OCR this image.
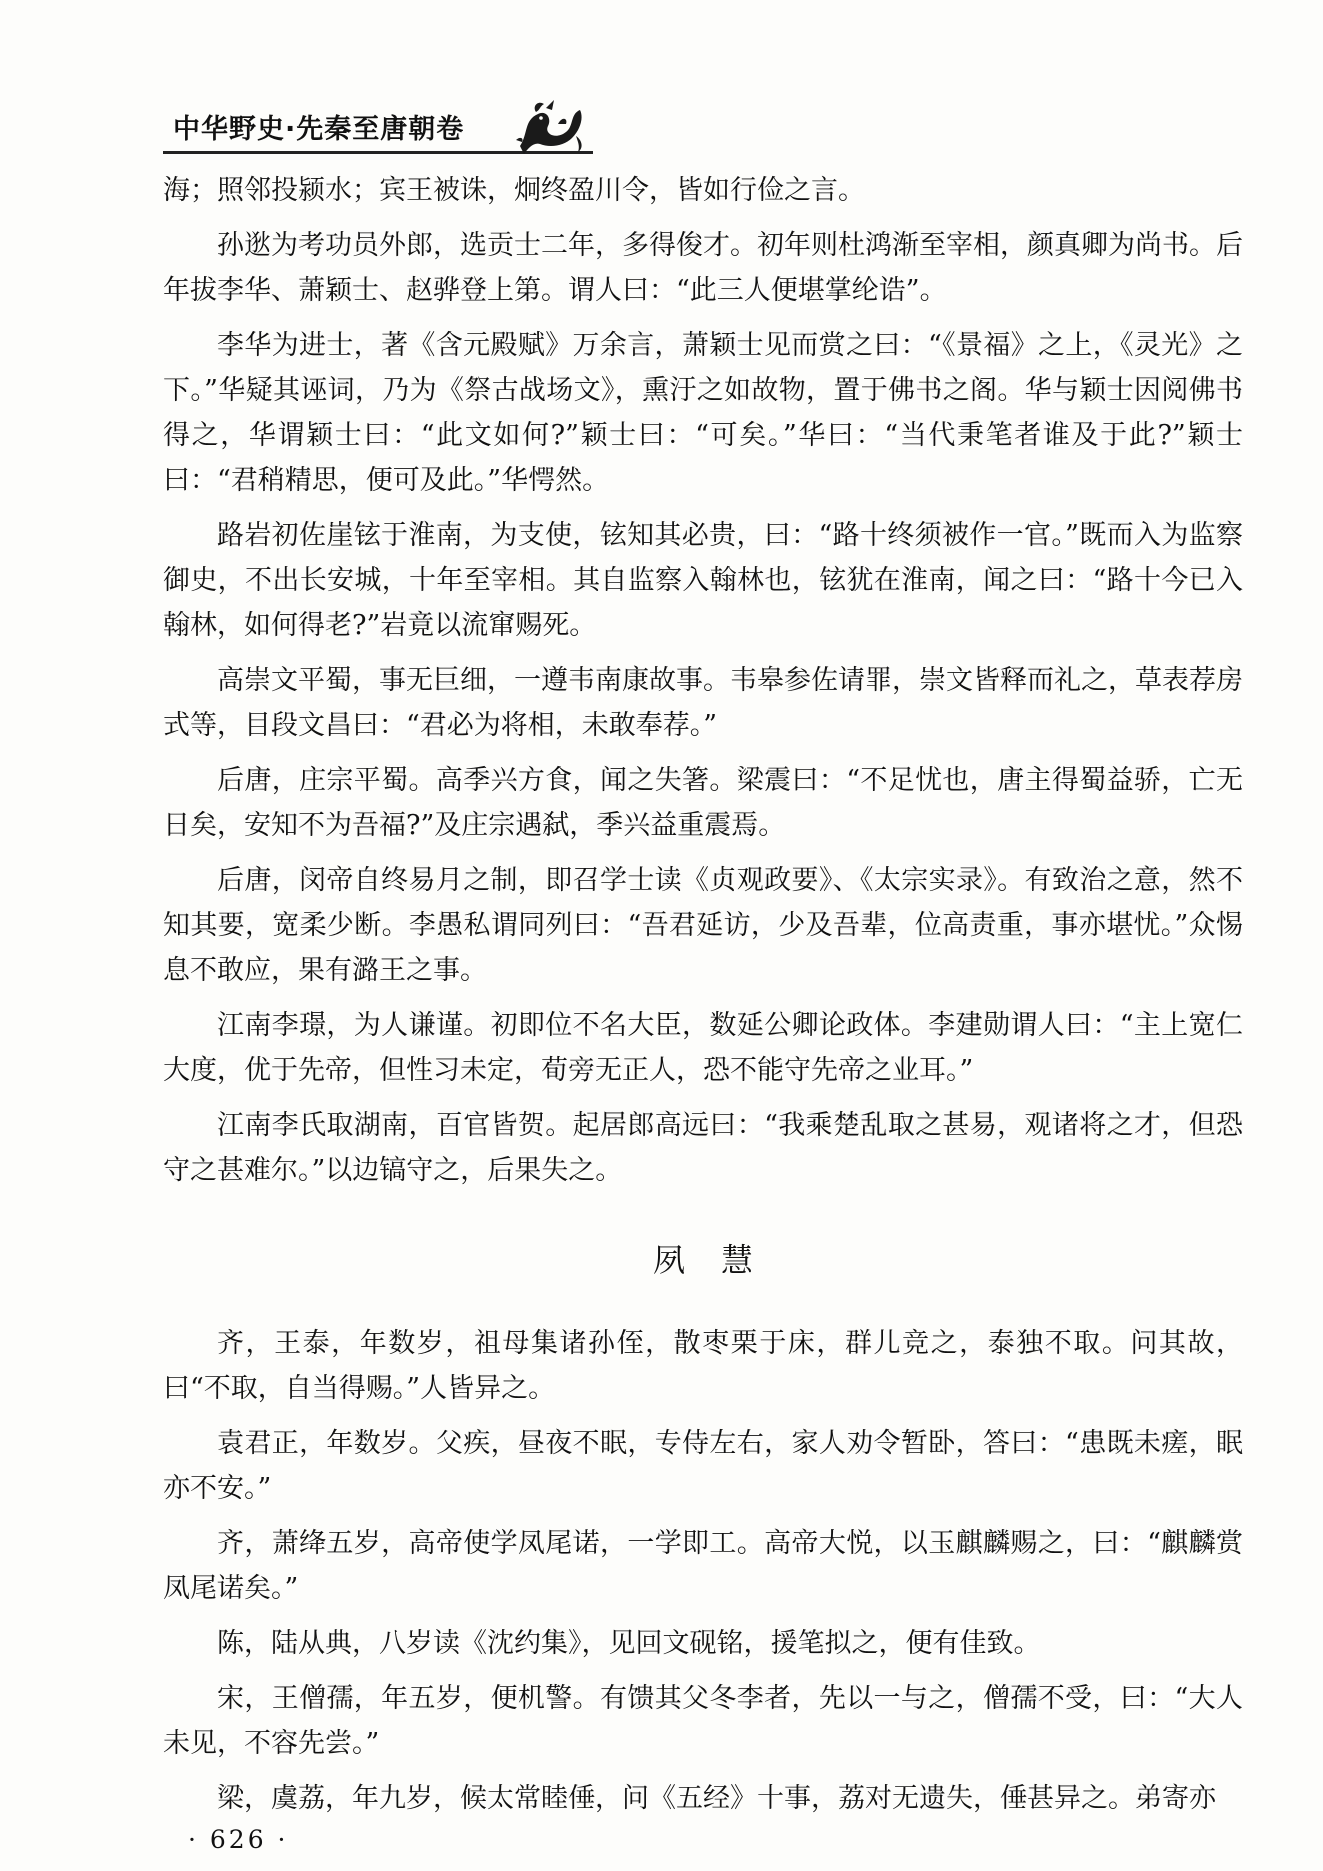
中华野史·先秦至唐朝卷

海；照邻投颍水；宾王被诛，炯终盈川令，皆如行俭之言。

孙逖为考功员外郎，选贡士二年，多得俊才。初年则杜鸿渐至宰相，颜真卿为尚书。后年拔李华、萧颖士、赵骅登上第。谓人曰：“此三人便堪掌纶诰”。

李华为进士，著《含元殿赋》万余言，萧颖士见而赏之曰：“《景福》之上，《灵光》之下。”华疑其诬词，乃为《祭古战场文》，熏汙之如故物，置于佛书之阁。华与颖士因阅佛书得之，华谓颖士曰：“此文如何?”颖士曰：“可矣。”华曰：“当代秉笔者谁及于此?”颖士曰：“君稍精思，便可及此。”华愕然。

路岩初佐崖铉于淮南，为支使，铉知其必贵，曰：“路十终须被作一官。”既而入为监察御史，不出长安城，十年至宰相。其自监察入翰林也，铉犹在淮南，闻之曰：“路十今已入翰林，如何得老?”岩竟以流窜赐死。

高崇文平蜀，事无巨细，一遵韦南康故事。韦皋参佐请罪，崇文皆释而礼之，草表荐房式等，目段文昌曰：“君必为将相，未敢奉荐。”

后唐，庄宗平蜀。高季兴方食，闻之失箸。梁震曰：“不足忧也，唐主得蜀益骄，亡无日矣，安知不为吾福?”及庄宗遇弑，季兴益重震焉。

后唐，闵帝自终易月之制，即召学士读《贞观政要》、《太宗实录》。有致治之意，然不知其要，宽柔少断。李愚私谓同列曰：“吾君延访，少及吾辈，位高责重，事亦堪忧。”众惕息不敢应，果有潞王之事。

江南李璟，为人谦谨。初即位不名大臣，数延公卿论政体。李建勋谓人曰：“主上宽仁大度，优于先帝，但性习未定，荀旁无正人，恐不能守先帝之业耳。”

江南李氏取湖南，百官皆贺。起居郎高远曰：“我乘楚乱取之甚易，观诸将之才，但恐守之甚难尔。”以边镐守之，后果失之。

夙慧

齐，王泰，年数岁，祖母集诸孙侄，散枣栗于床，群儿竞之，泰独不取。问其故，曰“不取，自当得赐。”人皆异之。

袁君正，年数岁。父疾，昼夜不眠，专侍左右，家人劝令暂卧，答曰：“患既未瘥，眠亦不安。”

齐，萧绛五岁，高帝使学凤尾诺，一学即工。高帝大悦，以玉麒麟赐之，曰：“麒麟赏凤尾诺矣。”

陈，陆从典，八岁读《沈约集》，见回文砚铭，援笔拟之，便有佳致。

宋，王僧孺，年五岁，便机警。有馈其父冬李者，先以一与之，僧孺不受，曰：“大人未见，不容先尝。”

梁，虞荔，年九岁，候太常睦倕，问《五经》十事，荔对无遗失，倕甚异之。弟寄亦

· 626 ·
